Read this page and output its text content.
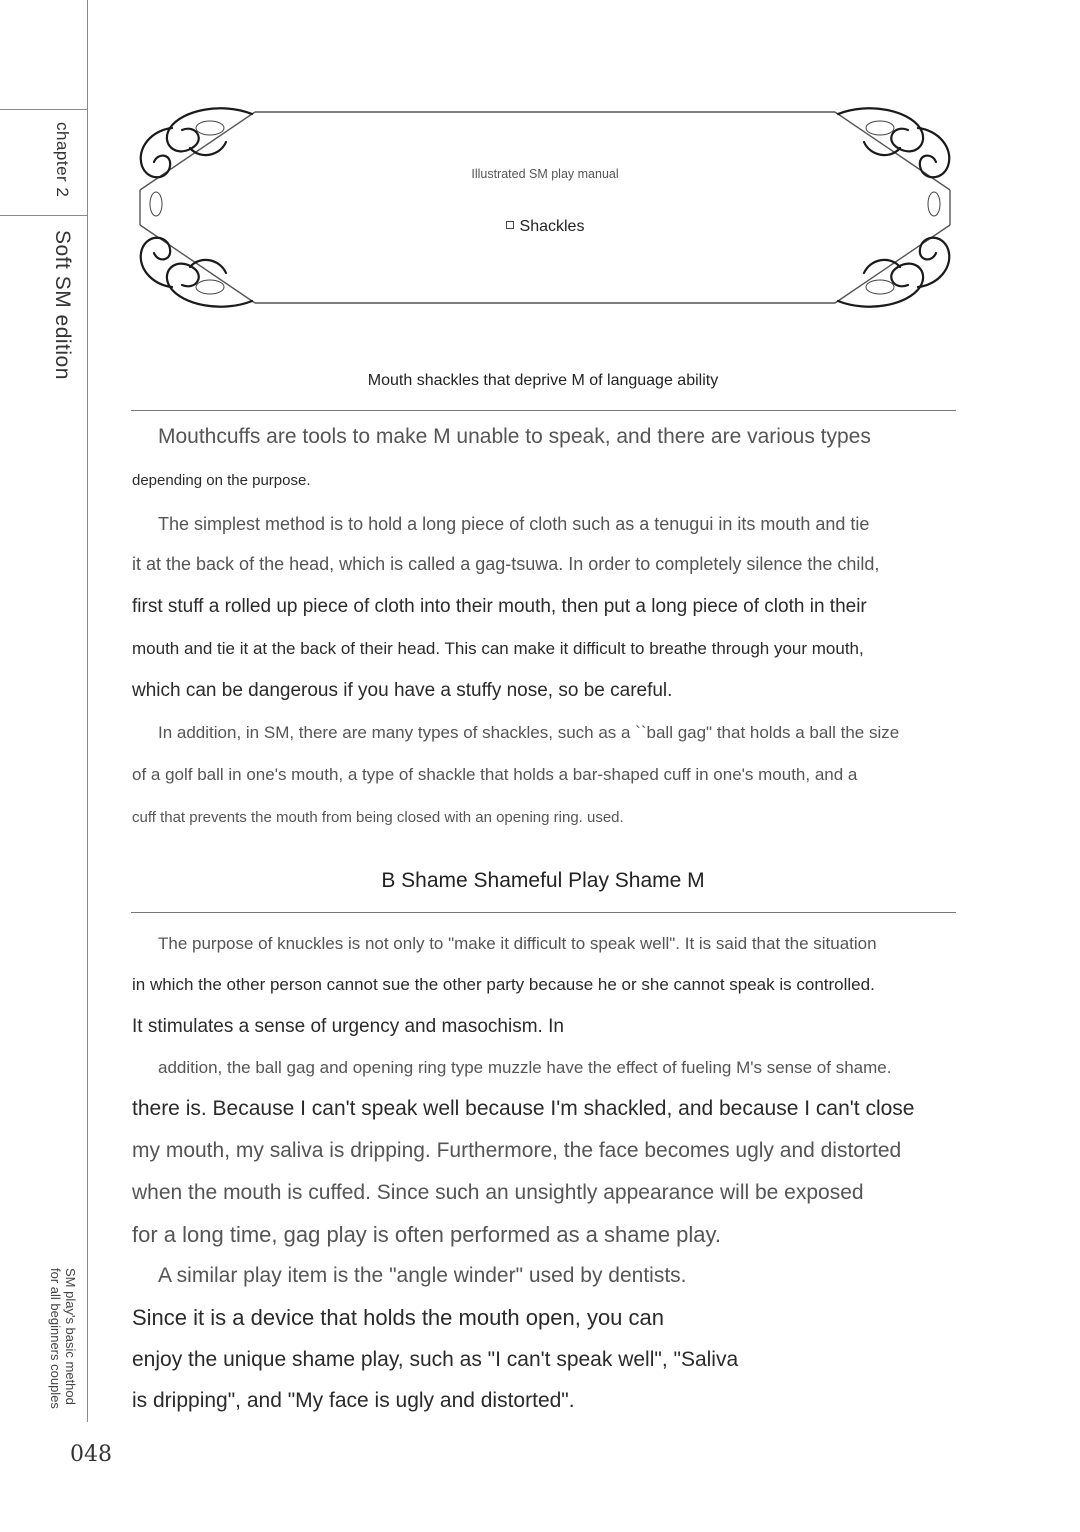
chapter 2
Soft SM edition
SM play's basic method
for all beginners couples
048
Illustrated SM play manual
Shackles
Mouth shackles that deprive M of language ability
Mouthcuffs are tools to make M unable to speak, and there are various types
depending on the purpose.
The simplest method is to hold a long piece of cloth such as a tenugui in its mouth and tie
it at the back of the head, which is called a gag-tsuwa. In order to completely silence the child,
first stuff a rolled up piece of cloth into their mouth, then put a long piece of cloth in their
mouth and tie it at the back of their head. This can make it difficult to breathe through your mouth,
which can be dangerous if you have a stuffy nose, so be careful.
In addition, in SM, there are many types of shackles, such as a ``ball gag" that holds a ball the size
of a golf ball in one's mouth, a type of shackle that holds a bar-shaped cuff in one's mouth, and a
cuff that prevents the mouth from being closed with an opening ring. used.
B Shame Shameful Play Shame M
The purpose of knuckles is not only to "make it difficult to speak well". It is said that the situation
in which the other person cannot sue the other party because he or she cannot speak is controlled.
It stimulates a sense of urgency and masochism. In
addition, the ball gag and opening ring type muzzle have the effect of fueling M's sense of shame.
there is. Because I can't speak well because I'm shackled, and because I can't close
my mouth, my saliva is dripping. Furthermore, the face becomes ugly and distorted
when the mouth is cuffed. Since such an unsightly appearance will be exposed
for a long time, gag play is often performed as a shame play.
A similar play item is the "angle winder" used by dentists.
Since it is a device that holds the mouth open, you can
enjoy the unique shame play, such as "I can't speak well", "Saliva
is dripping", and "My face is ugly and distorted".
